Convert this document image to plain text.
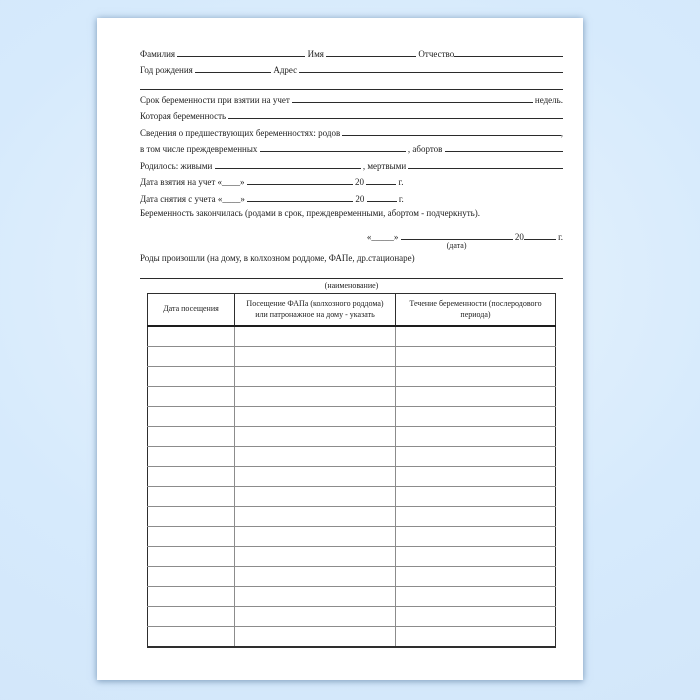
Фамилия	Имя	Отчество
Год рождения	Адрес
Срок беременности при взятии на учет	недель.
Которая беременность
Сведения о предшествующих беременностях: родов	,
в том числе преждевременных	, абортов
Родилось: живыми	, мертвыми
Дата взятия на учет «____»	20	г.
Дата снятия с учета «____»	20	г.
Беременность закончилась (родами в срок, преждевременными, абортом - подчеркнуть).
«_____»
(дата)
20	г.
Роды произошли (на дому, в колхозном роддоме, ФАПе, др.стационаре)
(наименование)
Дата посещения	Посещение ФАПа (колхозного роддома) или патронажное на дому - указать	Течение беременности (послеродового периода)
